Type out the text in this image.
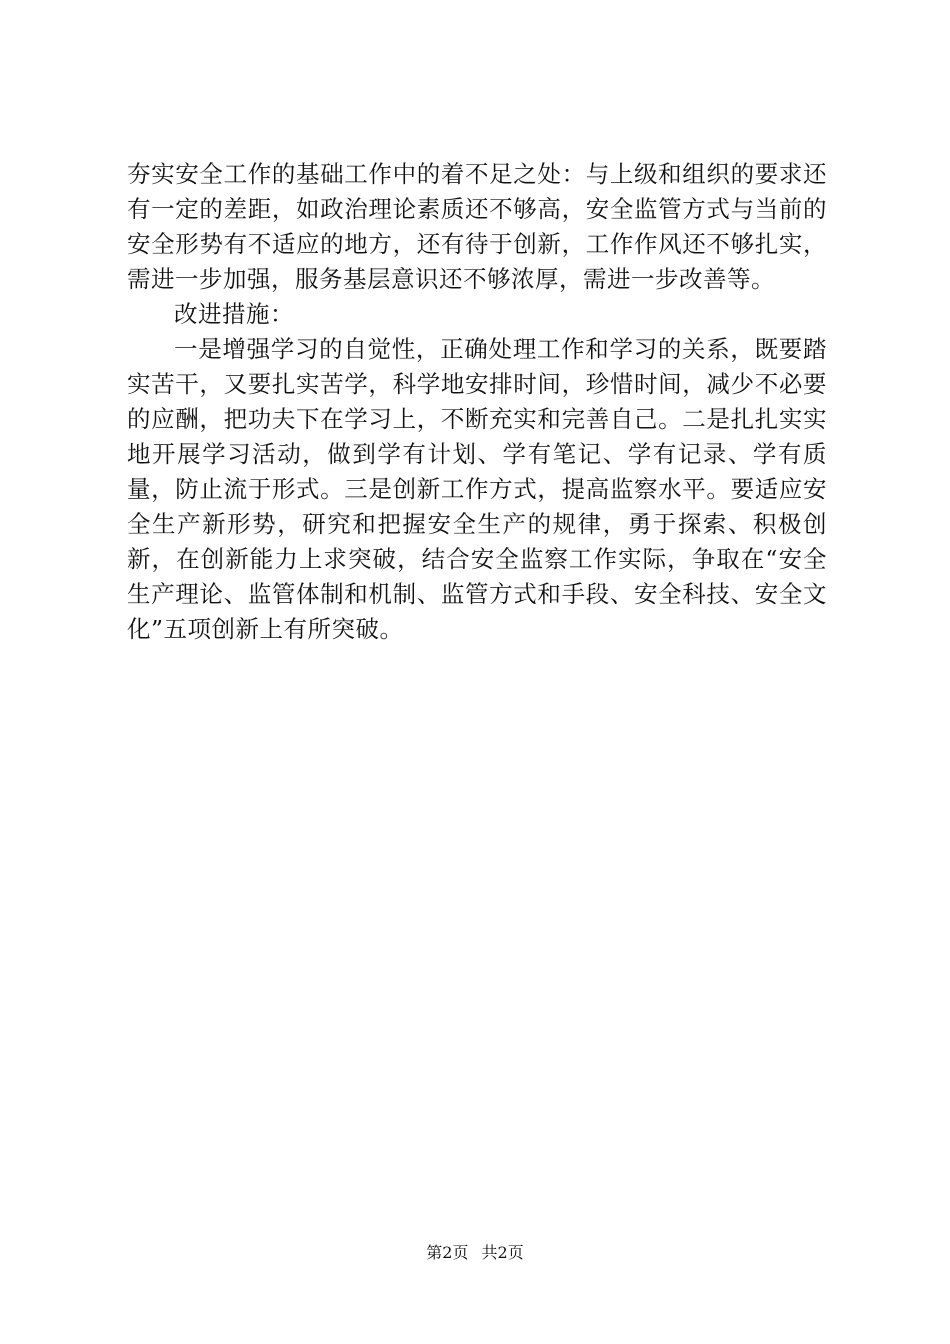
夯实安全工作的基础工作中的着不足之处：与上级和组织的要求还有一定的差距，如政治理论素质还不够高，安全监管方式与当前的安全形势有不适应的地方，还有待于创新，工作作风还不够扎实，需进一步加强，服务基层意识还不够浓厚，需进一步改善等。

改进措施：

一是增强学习的自觉性，正确处理工作和学习的关系，既要踏实苦干，又要扎实苦学，科学地安排时间，珍惜时间，减少不必要的应酬，把功夫下在学习上，不断充实和完善自己。二是扎扎实实地开展学习活动，做到学有计划、学有笔记、学有记录、学有质量，防止流于形式。三是创新工作方式，提高监察水平。要适应安全生产新形势，研究和把握安全生产的规律，勇于探索、积极创新，在创新能力上求突破，结合安全监察工作实际，争取在“安全生产理论、监管体制和机制、监管方式和手段、安全科技、安全文化”五项创新上有所突破。

第2页 共2页
